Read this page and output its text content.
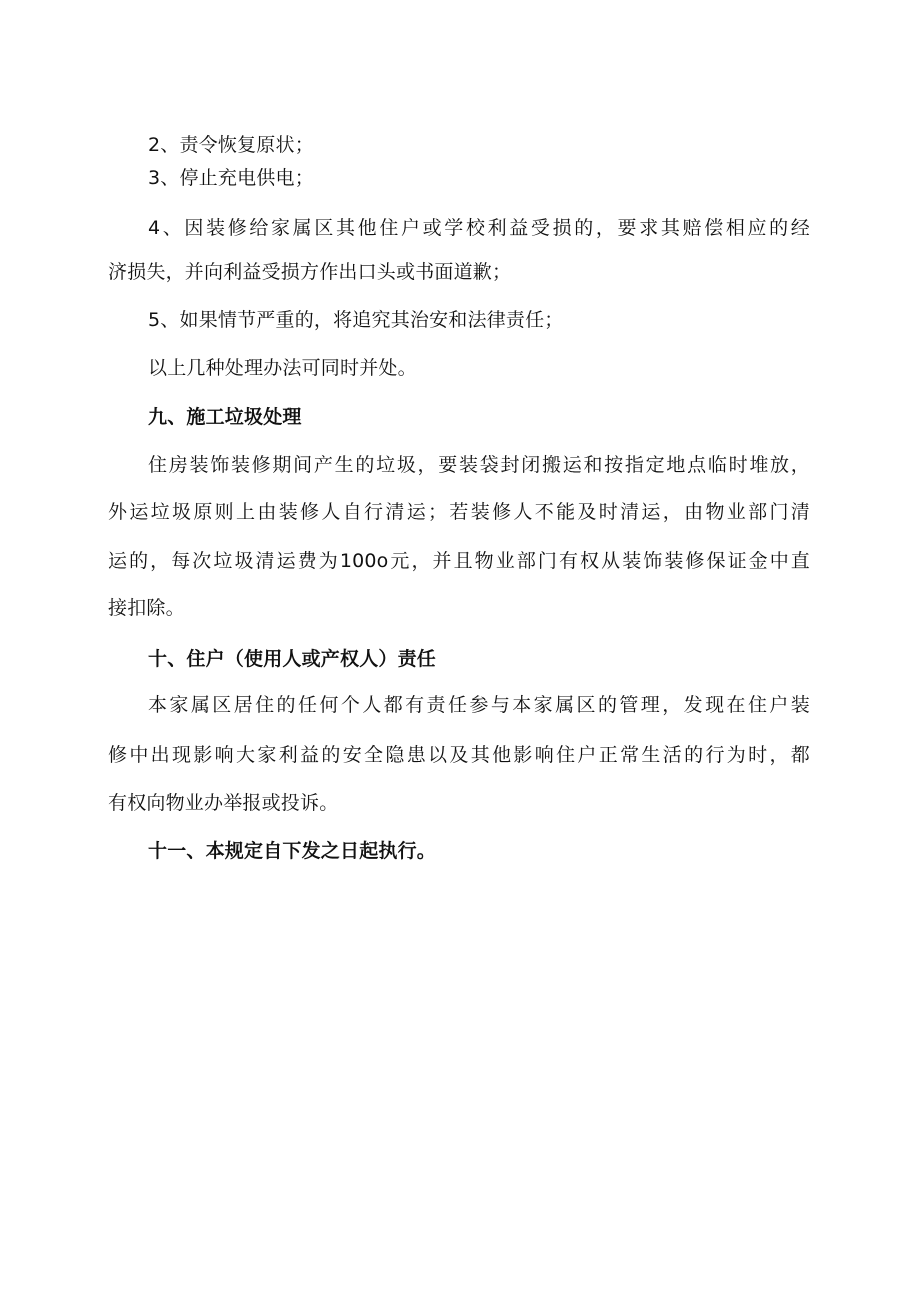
2、责令恢复原状；
3、停止充电供电；
4、因装修给家属区其他住户或学校利益受损的，要求其赔偿相应的经
济损失，并向利益受损方作出口头或书面道歉；
5、如果情节严重的，将追究其治安和法律责任；
以上几种处理办法可同时并处。
九、施工垃圾处理
住房装饰装修期间产生的垃圾，要装袋封闭搬运和按指定地点临时堆放，
外运垃圾原则上由装修人自行清运；若装修人不能及时清运，由物业部门清
运的，每次垃圾清运费为100o元，并且物业部门有权从装饰装修保证金中直
接扣除。
十、住户（使用人或产权人）责任
本家属区居住的任何个人都有责任参与本家属区的管理，发现在住户装
修中出现影响大家利益的安全隐患以及其他影响住户正常生活的行为时，都
有权向物业办举报或投诉。
十一、本规定自下发之日起执行。
